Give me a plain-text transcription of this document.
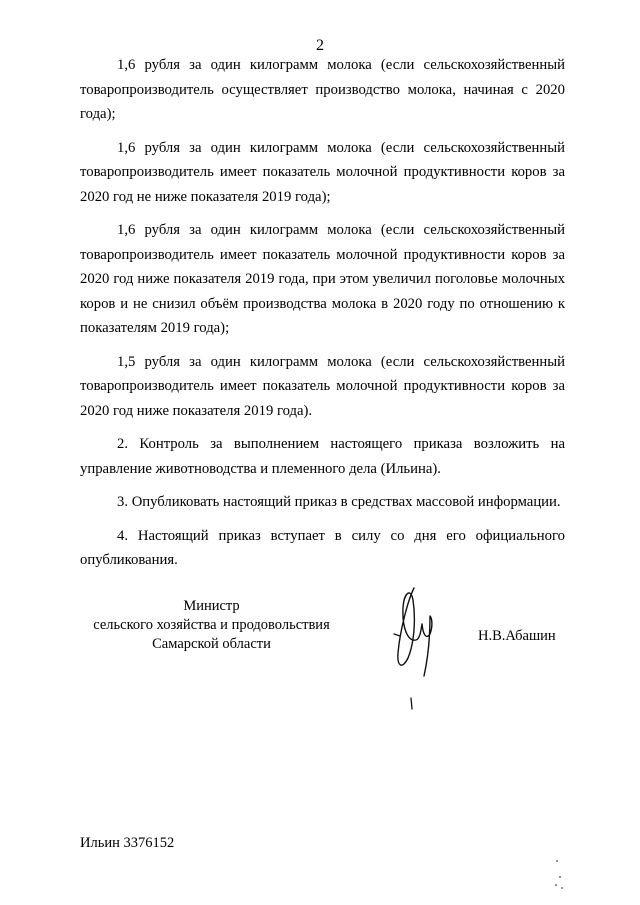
2

1,6 рубля за один килограмм молока (если сельскохозяйственный товаропроизводитель осуществляет производство молока, начиная с 2020 года);

1,6 рубля за один килограмм молока (если сельскохозяйственный товаропроизводитель имеет показатель молочной продуктивности коров за 2020 год не ниже показателя 2019 года);

1,6 рубля за один килограмм молока (если сельскохозяйственный товаропроизводитель имеет показатель молочной продуктивности коров за 2020 год ниже показателя 2019 года, при этом увеличил поголовье молочных коров и не снизил объём производства молока в 2020 году по отношению к показателям 2019 года);

1,5 рубля за один килограмм молока (если сельскохозяйственный товаропроизводитель имеет показатель молочной продуктивности коров за 2020 год ниже показателя 2019 года).

2. Контроль за выполнением настоящего приказа возложить на управление животноводства и племенного дела (Ильина).

3. Опубликовать настоящий приказ в средствах массовой информации.

4. Настоящий приказ вступает в силу со дня его официального опубликования.

Министр
сельского хозяйства и продовольствия
Самарской области	Н.В.Абашин
Ильин 3376152
